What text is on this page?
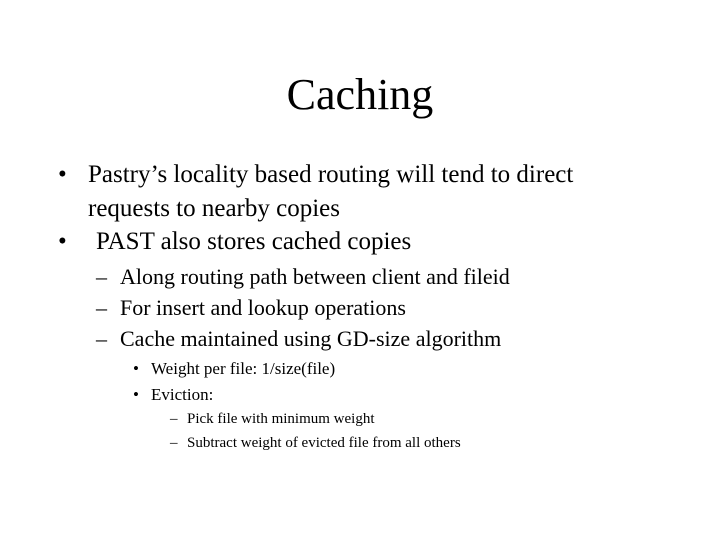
Caching
• Pastry’s locality based routing will tend to direct
requests to nearby copies
• PAST also stores cached copies
– Along routing path between client and fileid
– For insert and lookup operations
– Cache maintained using GD-size algorithm
• Weight per file: 1/size(file)
• Eviction:
– Pick file with minimum weight
– Subtract weight of evicted file from all others
